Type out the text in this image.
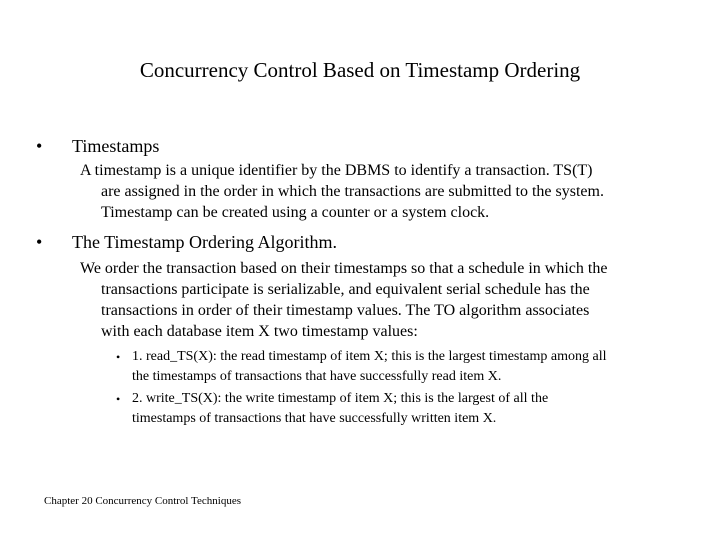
Concurrency Control Based on Timestamp Ordering
• Timestamps
A timestamp is a unique identifier by the DBMS to identify a transaction. TS(T)
are assigned in the order in which the transactions are submitted to the system.
Timestamp can be created using a counter or a system clock.
• The Timestamp Ordering Algorithm.
We order the transaction based on their timestamps so that a schedule in which the
transactions participate is serializable, and equivalent serial schedule has the
transactions in order of their timestamp values. The TO algorithm associates
with each database item X two timestamp values:
• 1. read_TS(X): the read timestamp of item X; this is the largest timestamp among all
the timestamps of transactions that have successfully read item X.
• 2. write_TS(X): the write timestamp of item X; this is the largest of all the
timestamps of transactions that have successfully written item X.
Chapter 20 Concurrency Control Techniques
